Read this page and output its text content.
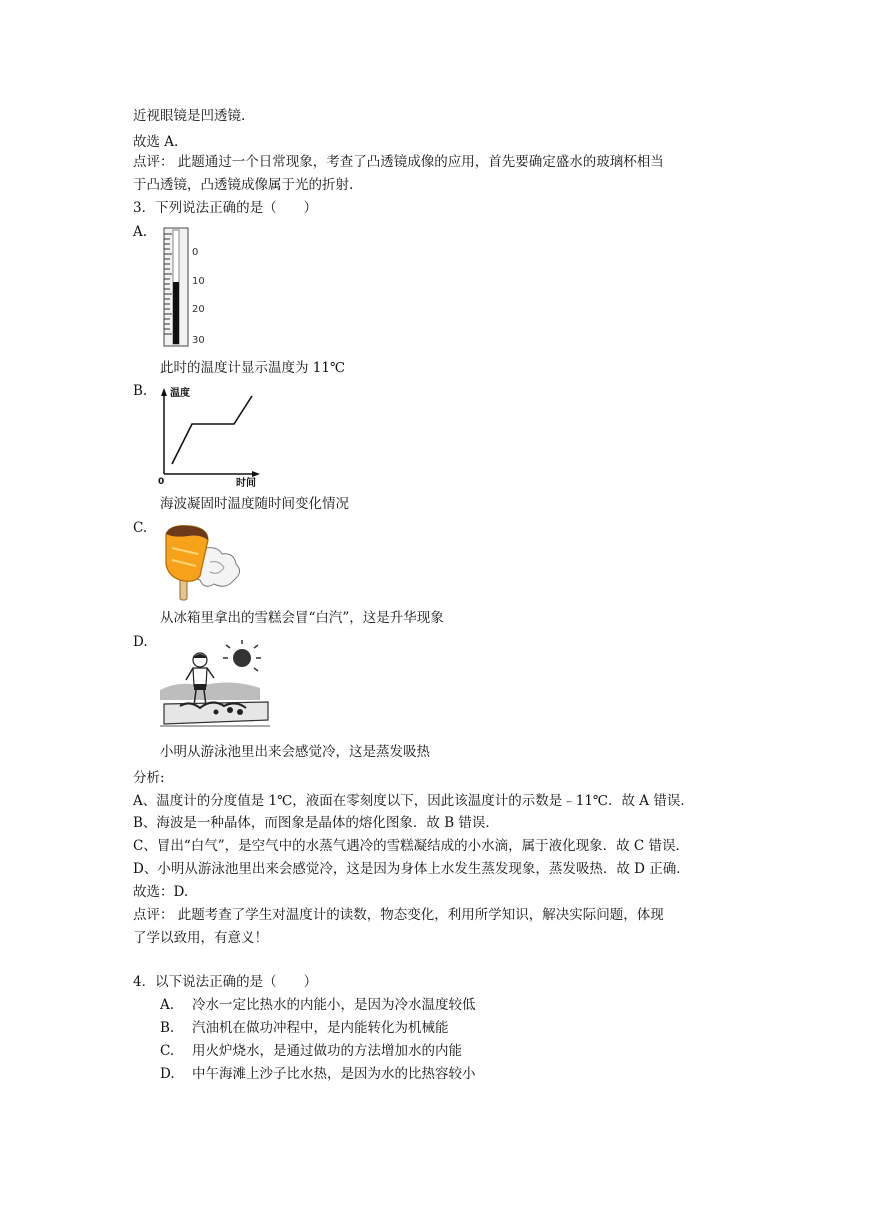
近视眼镜是凹透镜.
故选 A.
点评： 此题通过一个日常现象，考查了凸透镜成像的应用，首先要确定盛水的玻璃杯相当
于凸透镜，凸透镜成像属于光的折射.
3．下列说法正确的是（　　）
A.
0
10
20
30
此时的温度计显示温度为 11℃
B. 温度
时间
0
海波凝固时温度随时间变化情况
C.
从冰箱里拿出的雪糕会冒“白汽”，这是升华现象
D.
小明从游泳池里出来会感觉冷，这是蒸发吸热
分析:
A、温度计的分度值是 1℃，液面在零刻度以下，因此该温度计的示数是﹣11℃．故 A 错误．
B、海波是一种晶体，而图象是晶体的熔化图象．故 B 错误．
C、冒出“白气”，是空气中的水蒸气遇冷的雪糕凝结成的小水滴，属于液化现象．故 C 错误．
D、小明从游泳池里出来会感觉冷，这是因为身体上水发生蒸发现象，蒸发吸热．故 D 正确．
故选：D.
点评： 此题考查了学生对温度计的读数，物态变化，利用所学知识，解决实际问题，体现
了学以致用，有意义！
4．以下说法正确的是（　　）
A. 冷水一定比热水的内能小，是因为冷水温度较低
B. 汽油机在做功冲程中，是内能转化为机械能
C. 用火炉烧水，是通过做功的方法增加水的内能
D. 中午海滩上沙子比水热，是因为水的比热容较小
